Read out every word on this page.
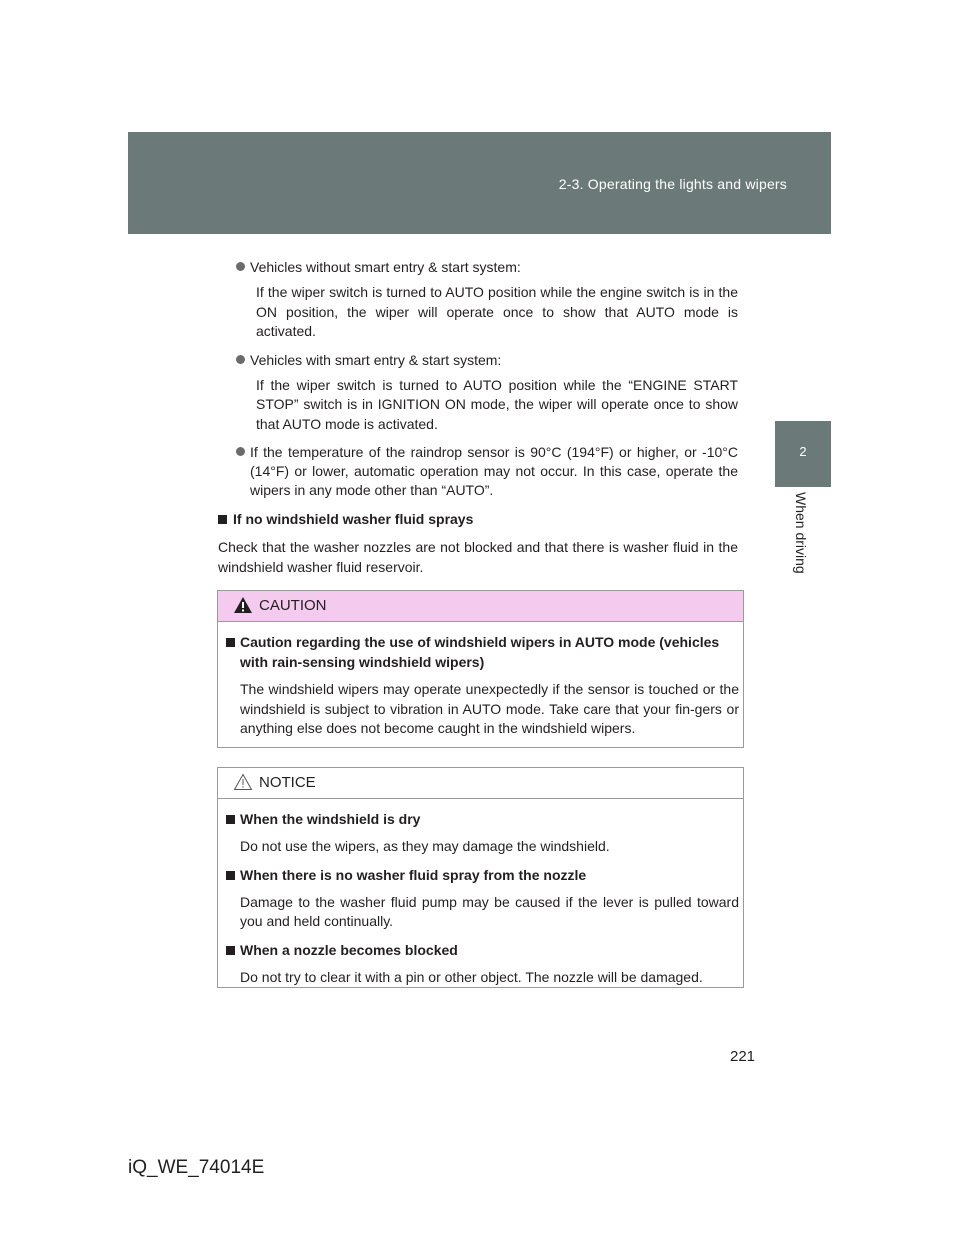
2-3. Operating the lights and wipers
2
When driving
Vehicles without smart entry & start system:
If the wiper switch is turned to AUTO position while the engine switch is in the ON position, the wiper will operate once to show that AUTO mode is activated.
Vehicles with smart entry & start system:
If the wiper switch is turned to AUTO position while the “ENGINE START STOP” switch is in IGNITION ON mode, the wiper will operate once to show that AUTO mode is activated.
If the temperature of the raindrop sensor is 90°C (194°F) or higher, or -10°C (14°F) or lower, automatic operation may not occur. In this case, operate the wipers in any mode other than “AUTO”.
If no windshield washer fluid sprays
Check that the washer nozzles are not blocked and that there is washer fluid in the windshield washer fluid reservoir.
CAUTION
Caution regarding the use of windshield wipers in AUTO mode (vehicles with rain-sensing windshield wipers)
The windshield wipers may operate unexpectedly if the sensor is touched or the windshield is subject to vibration in AUTO mode. Take care that your fin-gers or anything else does not become caught in the windshield wipers.
NOTICE
When the windshield is dry
Do not use the wipers, as they may damage the windshield.
When there is no washer fluid spray from the nozzle
Damage to the washer fluid pump may be caused if the lever is pulled toward you and held continually.
When a nozzle becomes blocked
Do not try to clear it with a pin or other object. The nozzle will be damaged.
221
iQ_WE_74014E
